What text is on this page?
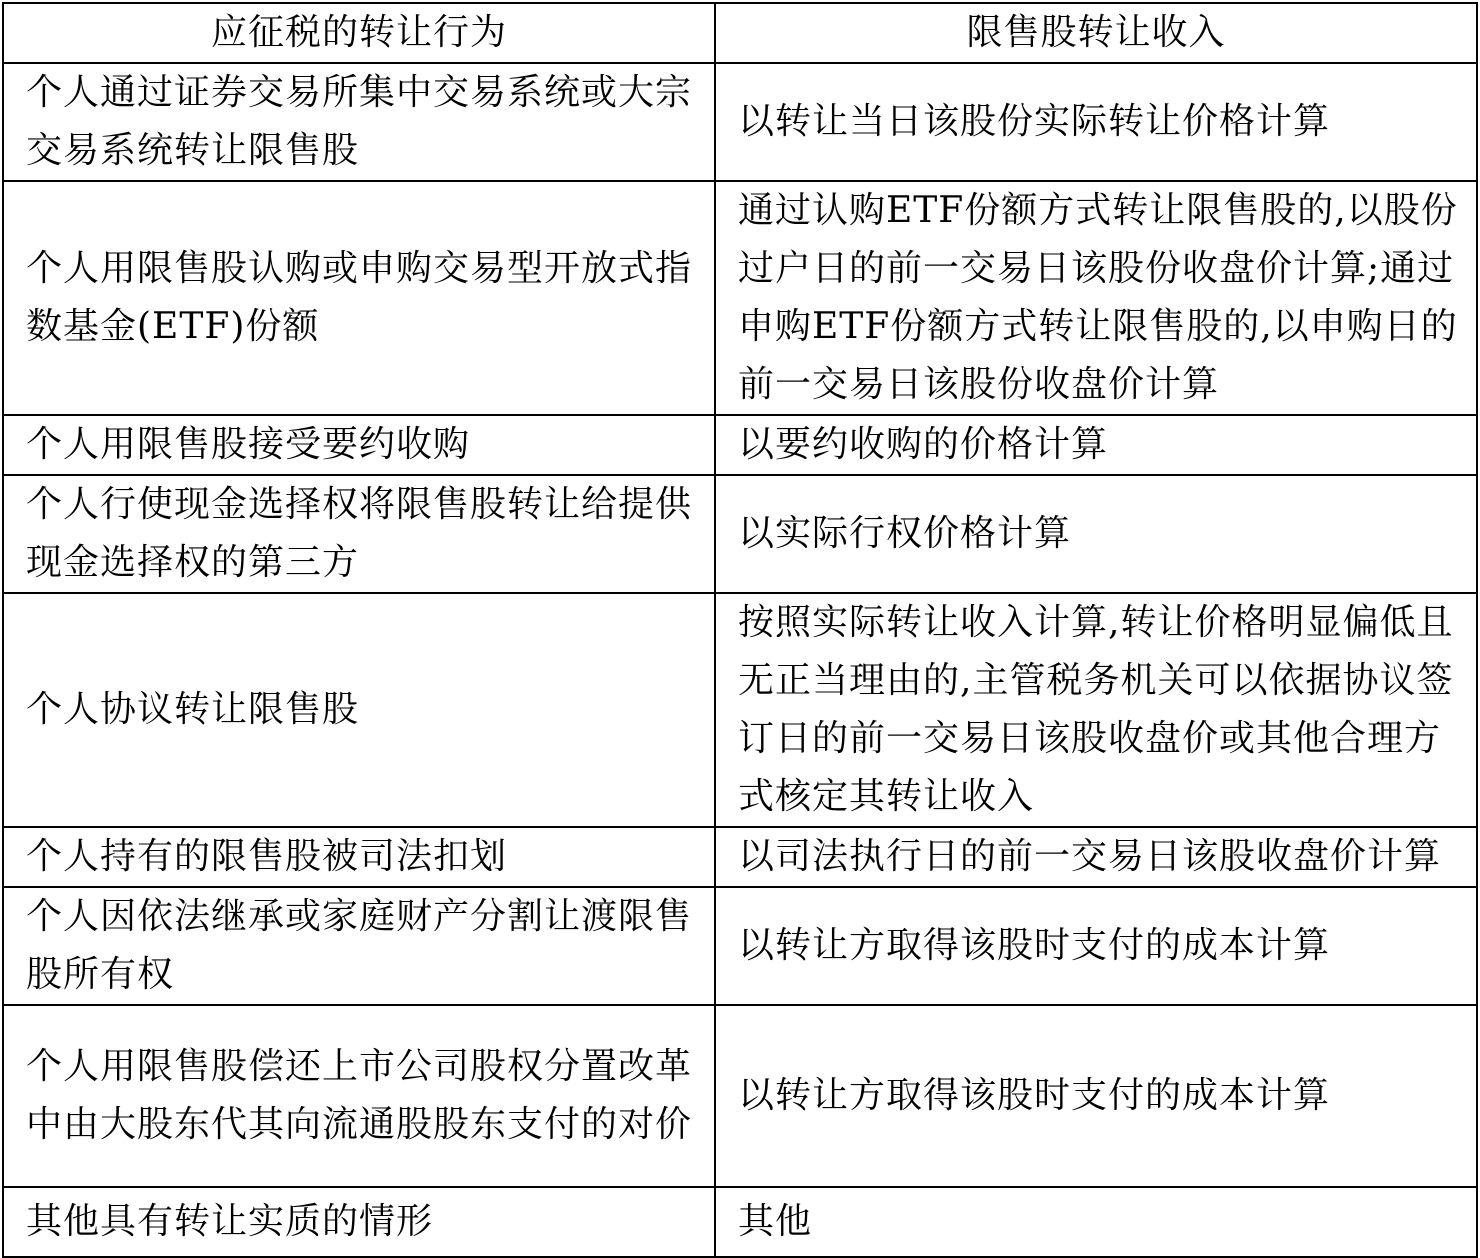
应征税的转让行为	限售股转让收入
个人通过证券交易所集中交易系统或大宗交易系统转让限售股	以转让当日该股份实际转让价格计算
个人用限售股认购或申购交易型开放式指数基金(ETF)份额	通过认购ETF份额方式转让限售股的,以股份过户日的前一交易日该股份收盘价计算;通过申购ETF份额方式转让限售股的,以申购日的前一交易日该股份收盘价计算
个人用限售股接受要约收购	以要约收购的价格计算
个人行使现金选择权将限售股转让给提供现金选择权的第三方	以实际行权价格计算
个人协议转让限售股	按照实际转让收入计算,转让价格明显偏低且无正当理由的,主管税务机关可以依据协议签订日的前一交易日该股收盘价或其他合理方式核定其转让收入
个人持有的限售股被司法扣划	以司法执行日的前一交易日该股收盘价计算
个人因依法继承或家庭财产分割让渡限售股所有权	以转让方取得该股时支付的成本计算
个人用限售股偿还上市公司股权分置改革中由大股东代其向流通股股东支付的对价	以转让方取得该股时支付的成本计算
其他具有转让实质的情形	其他
